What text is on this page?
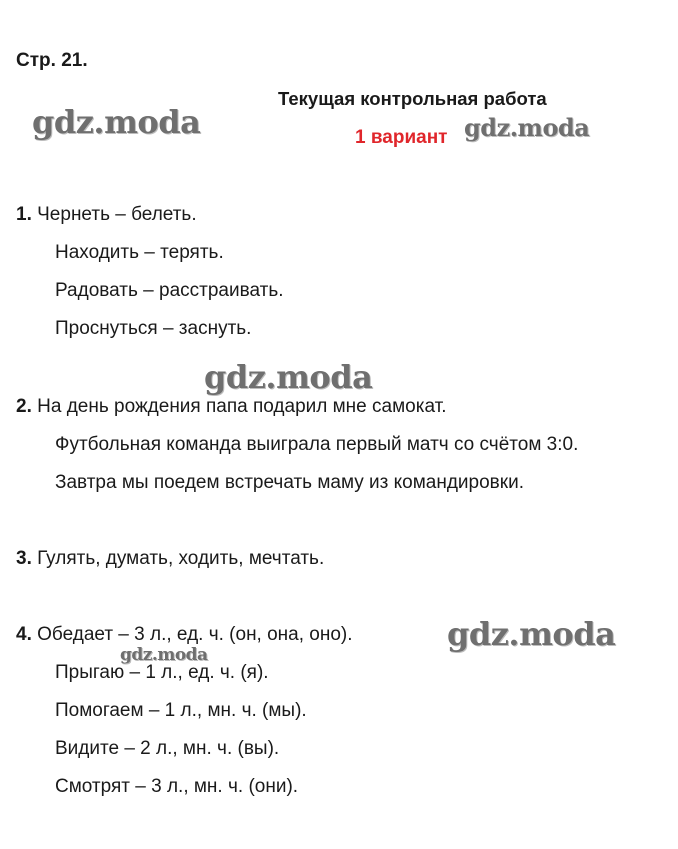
Стр. 21.
Текущая контрольная работа
1 вариант
gdz.moda	gdz.moda
gdz.moda
gdz.moda
gdz.moda
1. Чернеть – белеть.
Находить – терять.
Радовать – расстраивать.
Проснуться – заснуть.
2. На день рождения папа подарил мне самокат.
Футбольная команда выиграла первый матч со счётом 3:0.
Завтра мы поедем встречать маму из командировки.
3. Гулять, думать, ходить, мечтать.
4. Обедает – 3 л., ед. ч. (он, она, оно).
Прыгаю – 1 л., ед. ч. (я).
Помогаем – 1 л., мн. ч. (мы).
Видите – 2 л., мн. ч. (вы).
Смотрят – 3 л., мн. ч. (они).
